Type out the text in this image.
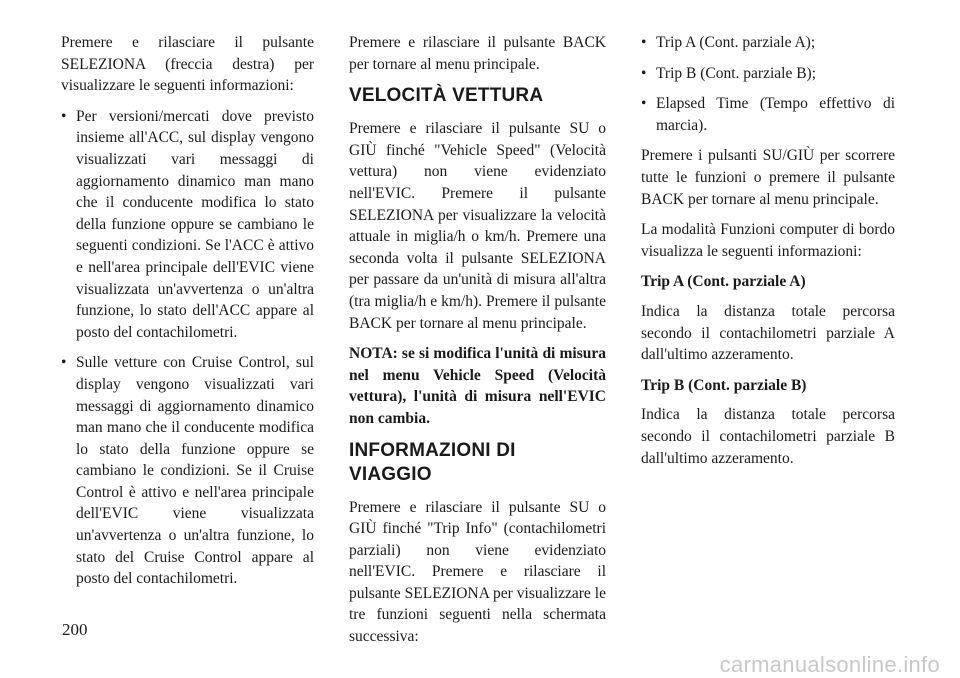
Premere e rilasciare il pulsante SELEZIONA (freccia destra) per visualizzare le seguenti informazioni:

• Per versioni/mercati dove previsto insieme all'ACC, sul display vengono visualizzati vari messaggi di aggiornamento dinamico man mano che il conducente modifica lo stato della funzione oppure se cambiano le seguenti condizioni. Se l'ACC è attivo e nell'area principale dell'EVIC viene visualizzata un'avvertenza o un'altra funzione, lo stato dell'ACC appare al posto del contachilometri.
• Sulle vetture con Cruise Control, sul display vengono visualizzati vari messaggi di aggiornamento dinamico man mano che il conducente modifica lo stato della funzione oppure se cambiano le condizioni. Se il Cruise Control è attivo e nell'area principale dell'EVIC viene visualizzata un'avvertenza o un'altra funzione, lo stato del Cruise Control appare al posto del contachilometri.

Premere e rilasciare il pulsante BACK per tornare al menu principale.

VELOCITÀ VETTURA

Premere e rilasciare il pulsante SU o GIÙ finché "Vehicle Speed" (Velocità vettura) non viene evidenziato nell'EVIC. Premere il pulsante SELEZIONA per visualizzare la velocità attuale in miglia/h o km/h. Premere una seconda volta il pulsante SELEZIONA per passare da un'unità di misura all'altra (tra miglia/h e km/h). Premere il pulsante BACK per tornare al menu principale.

NOTA: se si modifica l'unità di misura nel menu Vehicle Speed (Velocità vettura), l'unità di misura nell'EVIC non cambia.

INFORMAZIONI DI
VIAGGIO

Premere e rilasciare il pulsante SU o GIÙ finché "Trip Info" (contachilometri parziali) non viene evidenziato nell'EVIC. Premere e rilasciare il pulsante SELEZIONA per visualizzare le tre funzioni seguenti nella schermata successiva:

• Trip A (Cont. parziale A);
• Trip B (Cont. parziale B);
• Elapsed Time (Tempo effettivo di marcia).

Premere i pulsanti SU/GIÙ per scorrere tutte le funzioni o premere il pulsante BACK per tornare al menu principale.

La modalità Funzioni computer di bordo visualizza le seguenti informazioni:

Trip A (Cont. parziale A)

Indica la distanza totale percorsa secondo il contachilometri parziale A dall'ultimo azzeramento.

Trip B (Cont. parziale B)

Indica la distanza totale percorsa secondo il contachilometri parziale B dall'ultimo azzeramento.

200
carmanualsonline.info
